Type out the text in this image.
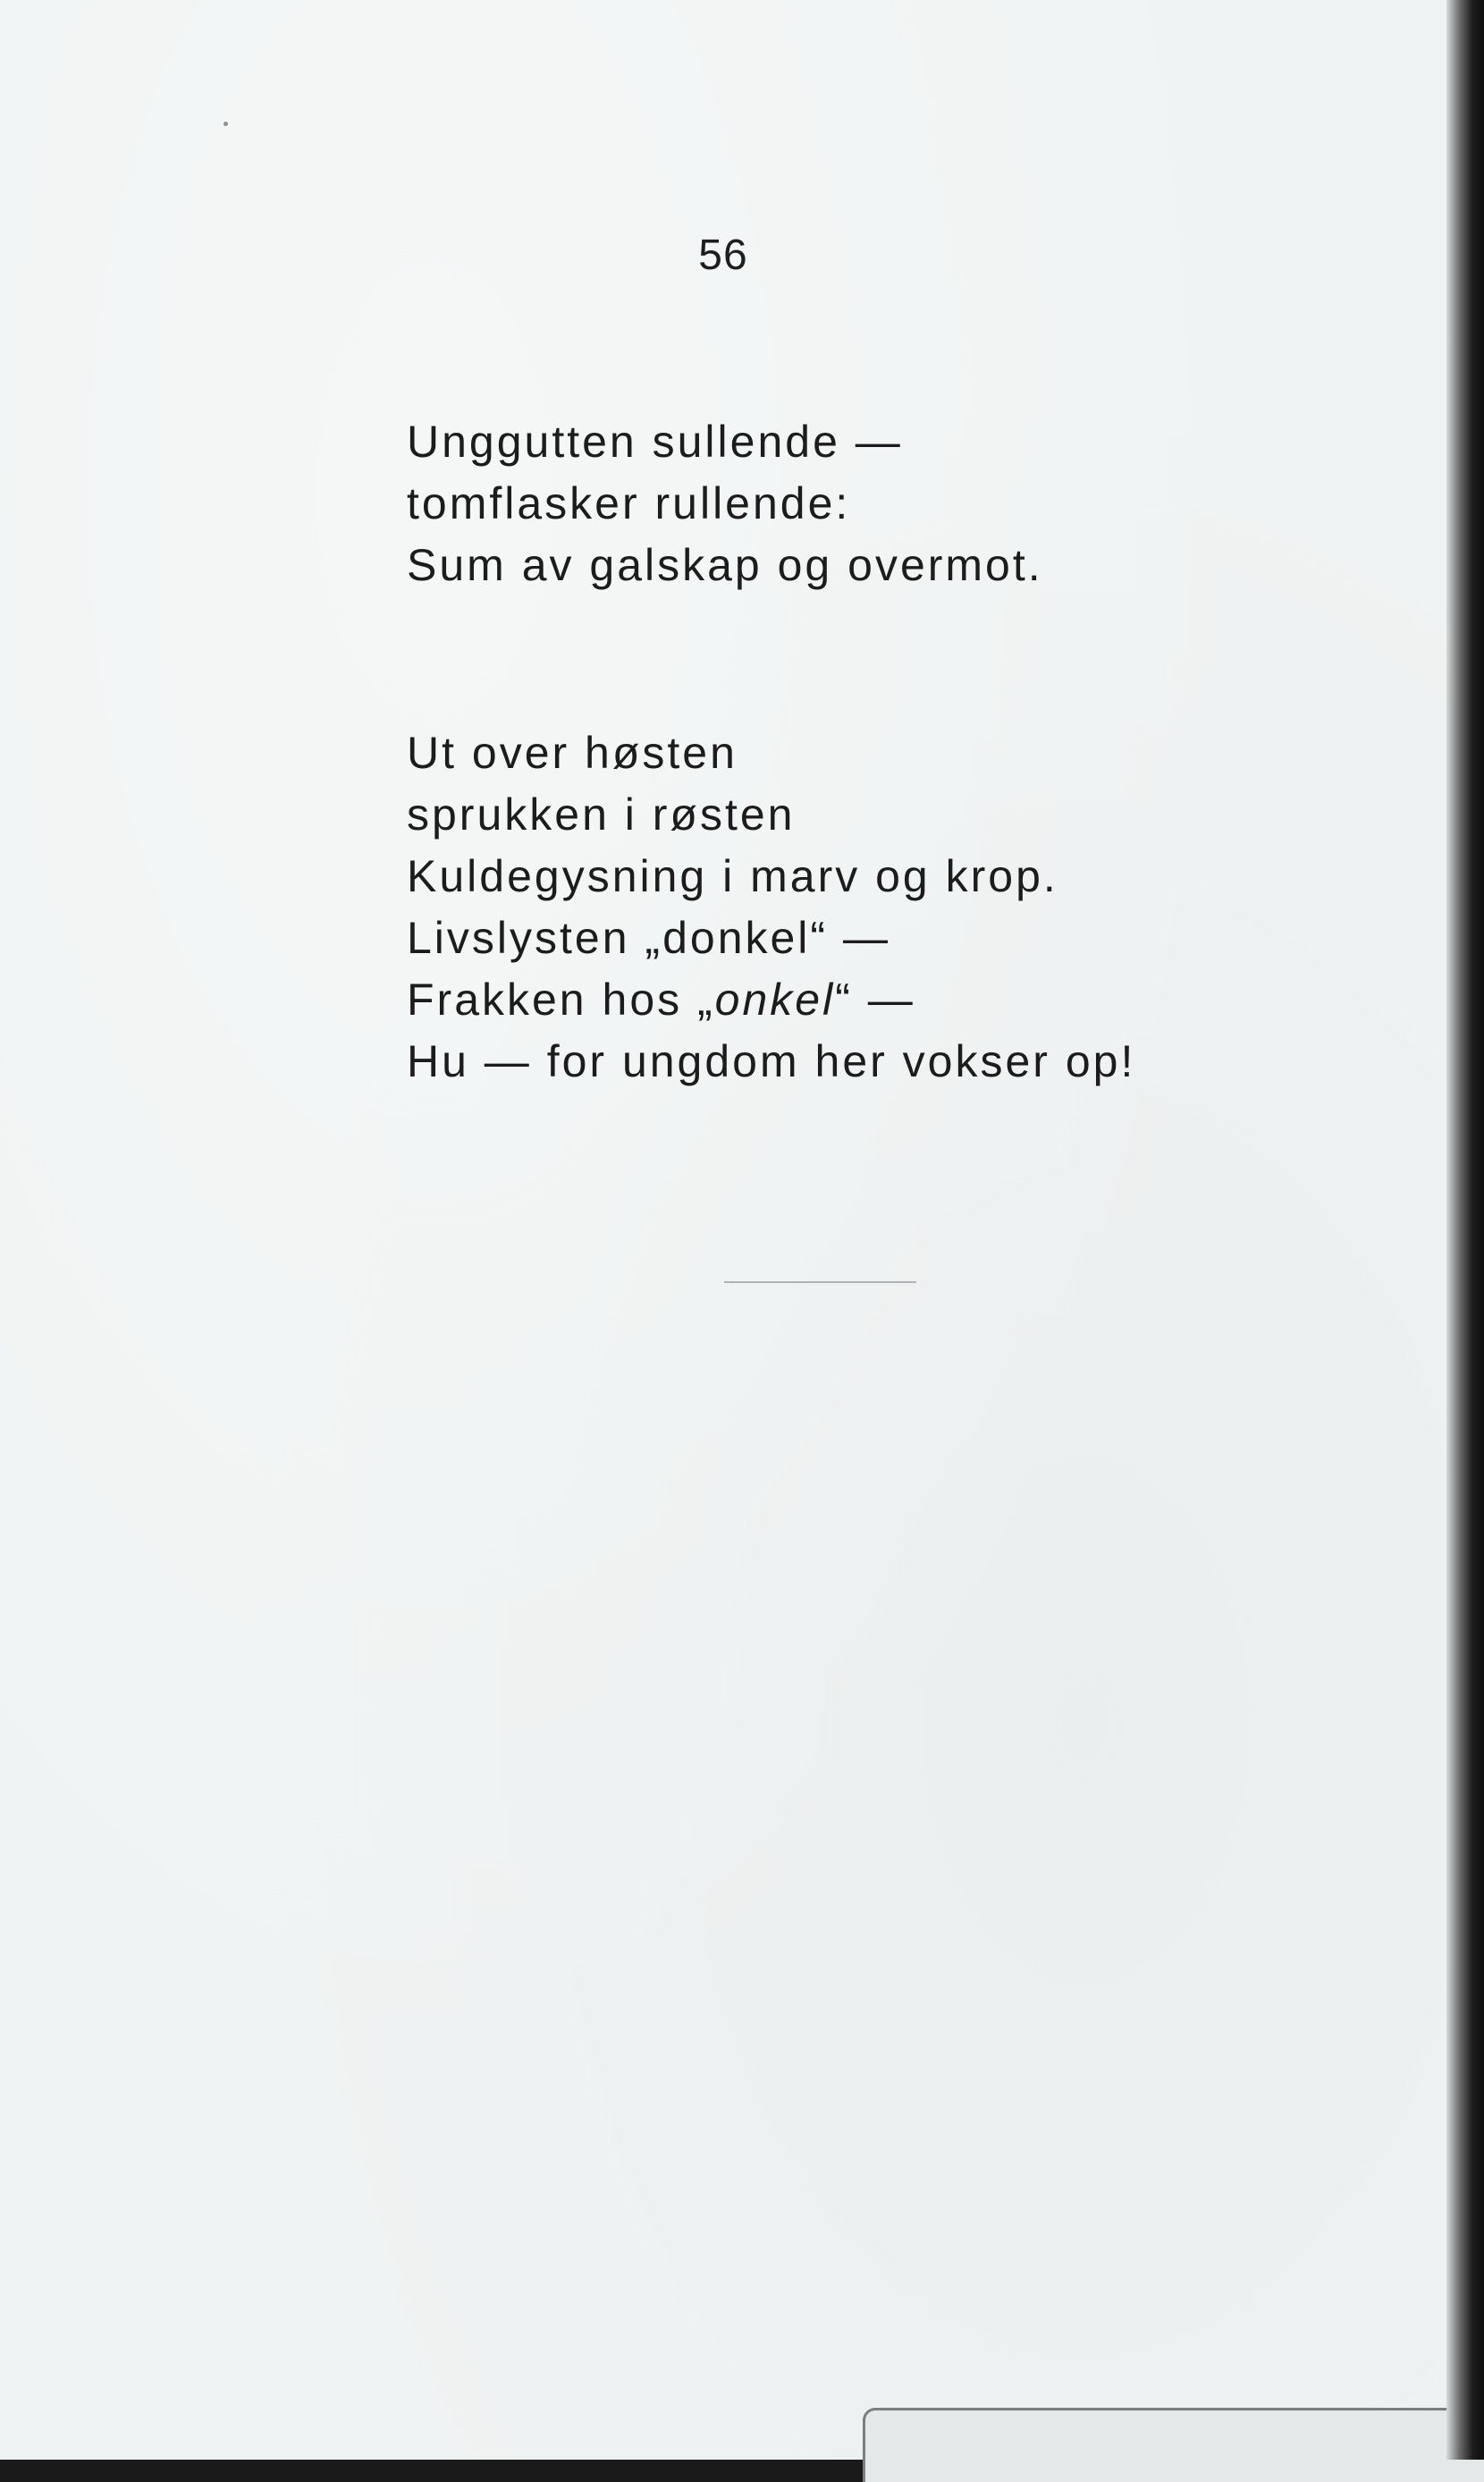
56
Unggutten sullende —
tomflasker rullende:
Sum av galskap og overmot.
Ut over høsten
sprukken i røsten
Kuldegysning i marv og krop.
Livslysten „donkel“ —
Frakken hos „onkel“ —
Hu — for ungdom her vokser op!
